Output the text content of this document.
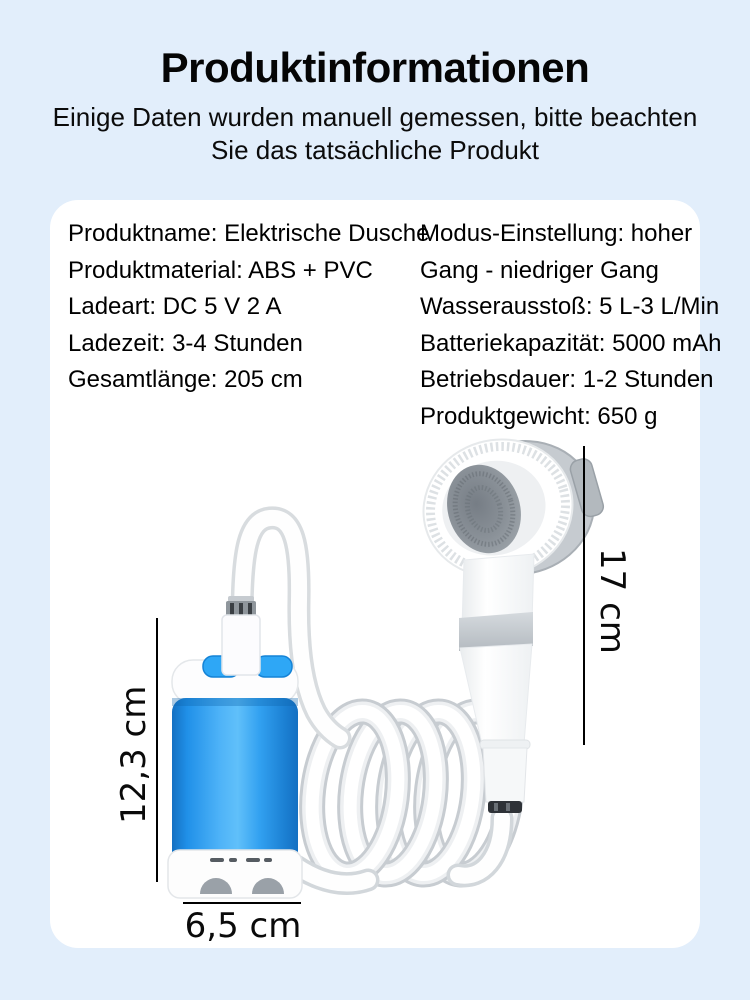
Produktinformationen
Einige Daten wurden manuell gemessen, bitte beachten
Sie das tatsächliche Produkt
Produktname: Elektrische Dusche
Produktmaterial: ABS + PVC
Ladeart: DC 5 V 2 A
Ladezeit: 3-4 Stunden
Gesamtlänge: 205 cm
Modus-Einstellung: hoher
Gang - niedriger Gang
Wasserausstoß: 5 L-3 L/Min
Batteriekapazität: 5000 mAh
Betriebsdauer: 1-2 Stunden
Produktgewicht: 650 g
17 cm
12,3 cm
6,5 cm
